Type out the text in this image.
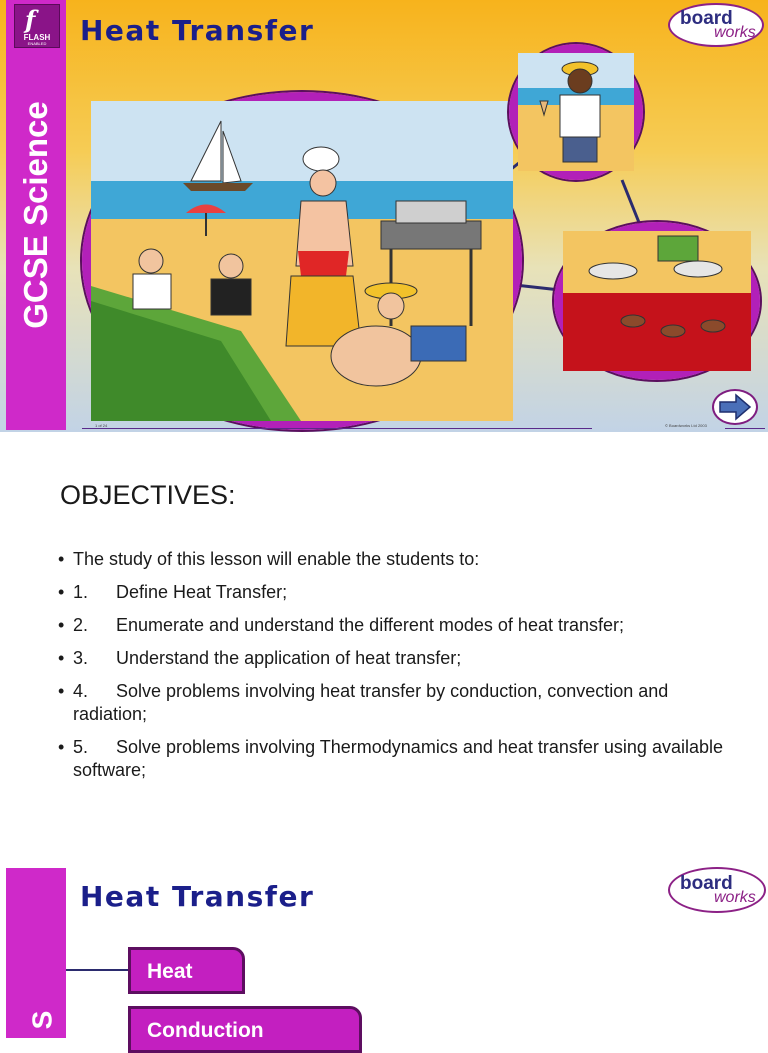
f
FLASH
ENABLED
GCSE Science
Heat Transfer	board
works
1 of 24	© Boardworks Ltd 2003
OBJECTIVES:
• The study of this lesson will enable the students to:
• 1. Define Heat Transfer;
• 2. Enumerate and understand the different modes of heat transfer;
• 3. Understand the application of heat transfer;
• 4. Solve problems involving heat transfer by conduction, convection and radiation;
• 5. Solve problems involving Thermodynamics and heat transfer using available software;
Heat Transfer	board
works
Heat
Conduction
S
